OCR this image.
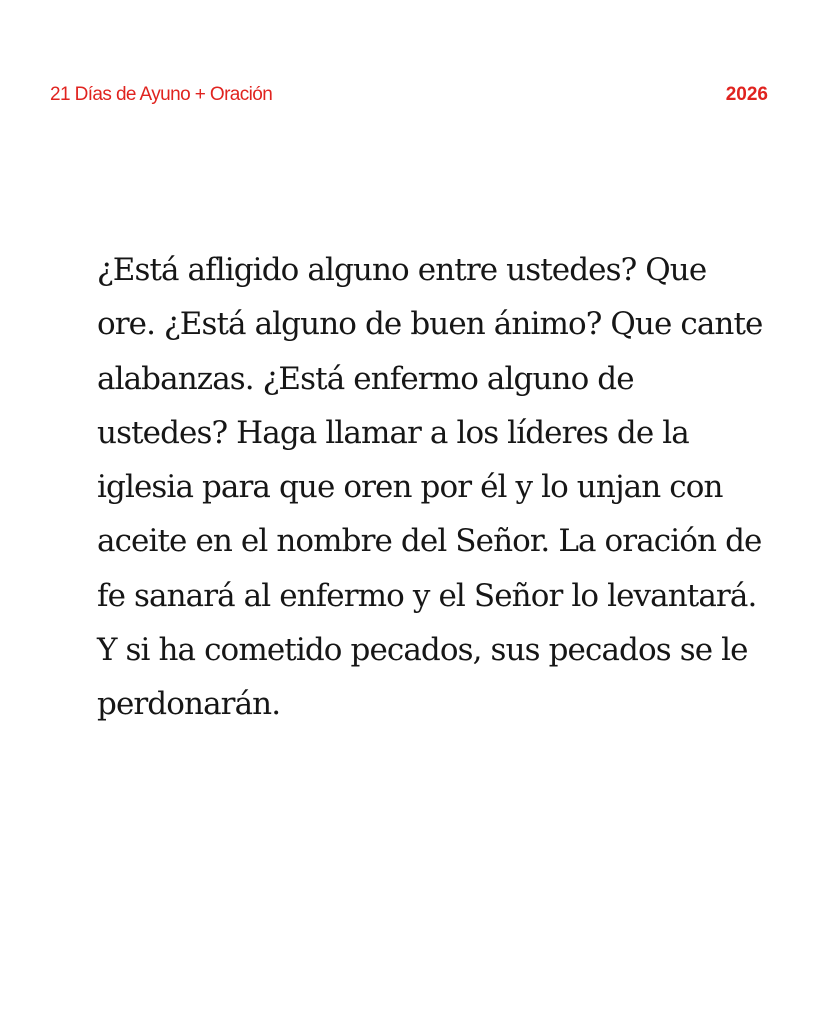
21 Días de Ayuno + Oración	2026

¿Está afligido alguno entre ustedes? Que ore. ¿Está alguno de buen ánimo? Que cante alabanzas. ¿Está enfermo alguno de ustedes? Haga llamar a los líderes de la iglesia para que oren por él y lo unjan con aceite en el nombre del Señor. La oración de fe sanará al enfermo y el Señor lo levantará. Y si ha cometido pecados, sus pecados se le perdonarán.
